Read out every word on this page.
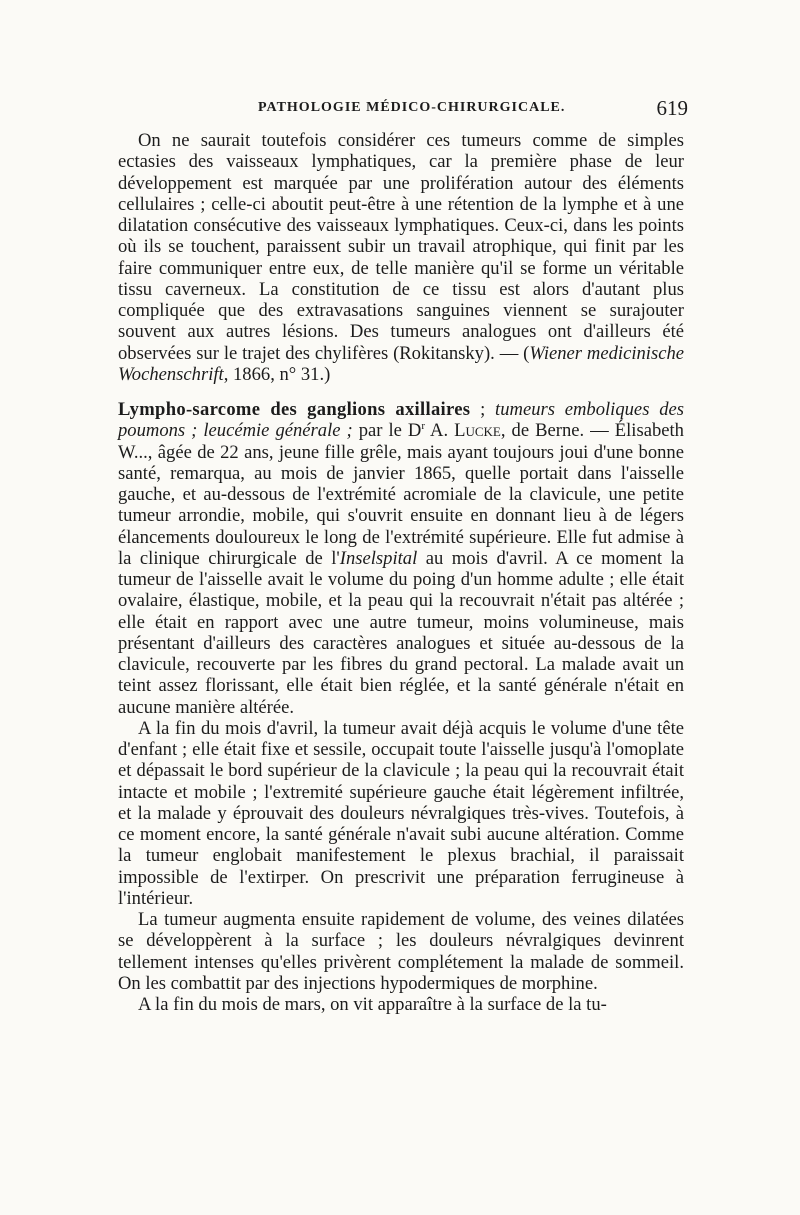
PATHOLOGIE MÉDICO-CHIRURGICALE.	619

On ne saurait toutefois considérer ces tumeurs comme de simples ectasies des vaisseaux lymphatiques, car la première phase de leur développement est marquée par une prolifération autour des éléments cellulaires ; celle-ci aboutit peut-être à une rétention de la lymphe et à une dilatation consécutive des vaisseaux lymphatiques. Ceux-ci, dans les points où ils se touchent, paraissent subir un travail atrophique, qui finit par les faire communiquer entre eux, de telle manière qu'il se forme un véritable tissu caverneux. La constitution de ce tissu est alors d'autant plus compliquée que des extravasations sanguines viennent se surajouter souvent aux autres lésions. Des tumeurs analogues ont d'ailleurs été observées sur le trajet des chylifères (Rokitansky). — (Wiener medicinische Wochenschrift, 1866, n° 31.)

Lympho-sarcome des ganglions axillaires ; tumeurs emboliques des poumons ; leucémie générale ; par le $D^r$ A. Lucke, de Berne. — Élisabeth W..., âgée de 22 ans, jeune fille grêle, mais ayant toujours joui d'une bonne santé, remarqua, au mois de janvier 1865, quelle portait dans l'aisselle gauche, et au-dessous de l'extrémité acromiale de la clavicule, une petite tumeur arrondie, mobile, qui s'ouvrit ensuite en donnant lieu à de légers élancements douloureux le long de l'extrémité supérieure. Elle fut admise à la clinique chirurgicale de l'Inselspital au mois d'avril. A ce moment la tumeur de l'aisselle avait le volume du poing d'un homme adulte ; elle était ovalaire, élastique, mobile, et la peau qui la recouvrait n'était pas altérée ; elle était en rapport avec une autre tumeur, moins volumineuse, mais présentant d'ailleurs des caractères analogues et située au-dessous de la clavicule, recouverte par les fibres du grand pectoral. La malade avait un teint assez florissant, elle était bien réglée, et la santé générale n'était en aucune manière altérée.

A la fin du mois d'avril, la tumeur avait déjà acquis le volume d'une tête d'enfant ; elle était fixe et sessile, occupait toute l'aisselle jusqu'à l'omoplate et dépassait le bord supérieur de la clavicule ; la peau qui la recouvrait était intacte et mobile ; l'extremité supérieure gauche était légèrement infiltrée, et la malade y éprouvait des douleurs névralgiques très-vives. Toutefois, à ce moment encore, la santé générale n'avait subi aucune altération. Comme la tumeur englobait manifestement le plexus brachial, il paraissait impossible de l'extirper. On prescrivit une préparation ferrugineuse à l'intérieur.

La tumeur augmenta ensuite rapidement de volume, des veines dilatées se développèrent à la surface ; les douleurs névralgiques devinrent tellement intenses qu'elles privèrent complétement la malade de sommeil. On les combattit par des injections hypodermiques de morphine.

A la fin du mois de mars, on vit apparaître à la surface de la tu-
